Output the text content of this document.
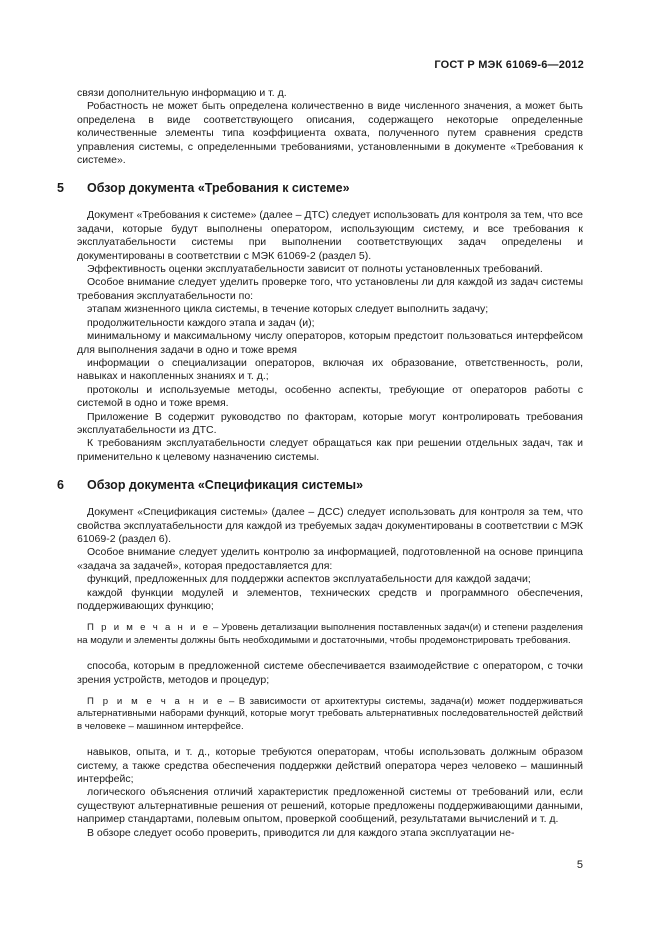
ГОСТ Р МЭК 61069-6—2012

связи дополнительную информацию и т. д.

Робастность не может быть определена количественно в виде численного значения, а может быть определена в виде соответствующего описания, содержащего некоторые определенные количественные элементы типа коэффициента охвата, полученного путем сравнения средств управления системы, с определенными требованиями, установленными в документе «Требования к системе».

5 Обзор документа «Требования к системе»

Документ «Требования к системе» (далее – ДТС) следует использовать для контроля за тем, что все задачи, которые будут выполнены оператором, использующим систему, и все требования к эксплуатабельности системы при выполнении соответствующих задач определены и документированы в соответствии с МЭК 61069-2 (раздел 5).

Эффективность оценки эксплуатабельности зависит от полноты установленных требований.

Особое внимание следует уделить проверке того, что установлены ли для каждой из задач системы требования эксплуатабельности по:

этапам жизненного цикла системы, в течение которых следует выполнить задачу;

продолжительности каждого этапа и задач (и);

минимальному и максимальному числу операторов, которым предстоит пользоваться интерфейсом для выполнения задачи в одно и тоже время

информации о специализации операторов, включая их образование, ответственность, роли, навыках и накопленных знаниях и т. д.;

протоколы и используемые методы, особенно аспекты, требующие от операторов работы с системой в одно и тоже время.

Приложение В содержит руководство по факторам, которые могут контролировать требования эксплуатабельности из ДТС.

К требованиям эксплуатабельности следует обращаться как при решении отдельных задач, так и применительно к целевому назначению системы.

6 Обзор документа «Спецификация системы»

Документ «Спецификация системы» (далее – ДСС) следует использовать для контроля за тем, что свойства эксплуатабельности для каждой из требуемых задач документированы в соответствии с МЭК 61069-2 (раздел 6).

Особое внимание следует уделить контролю за информацией, подготовленной на основе принципа «задача за задачей», которая предоставляется для:

функций, предложенных для поддержки аспектов эксплуатабельности для каждой задачи;

каждой функции модулей и элементов, технических средств и программного обеспечения, поддерживающих функцию;

П р и м е ч а н и е – Уровень детализации выполнения поставленных задач(и) и степени разделения на модули и элементы должны быть необходимыми и достаточными, чтобы продемонстрировать требования.

способа, которым в предложенной системе обеспечивается взаимодействие с оператором, с точки зрения устройств, методов и процедур;

П р и м е ч а н и е – В зависимости от архитектуры системы, задача(и) может поддерживаться альтернативными наборами функций, которые могут требовать альтернативных последовательностей действий в человеке – машинном интерфейсе.

навыков, опыта, и т. д., которые требуются операторам, чтобы использовать должным образом систему, а также средства обеспечения поддержки действий оператора через человеко – машинный интерфейс;

логического объяснения отличий характеристик предложенной системы от требований или, если существуют альтернативные решения от решений, которые предложены поддерживающими данными, например стандартами, полевым опытом, проверкой сообщений, результатами вычислений и т. д.

В обзоре следует особо проверить, приводится ли для каждого этапа эксплуатации не-

5
